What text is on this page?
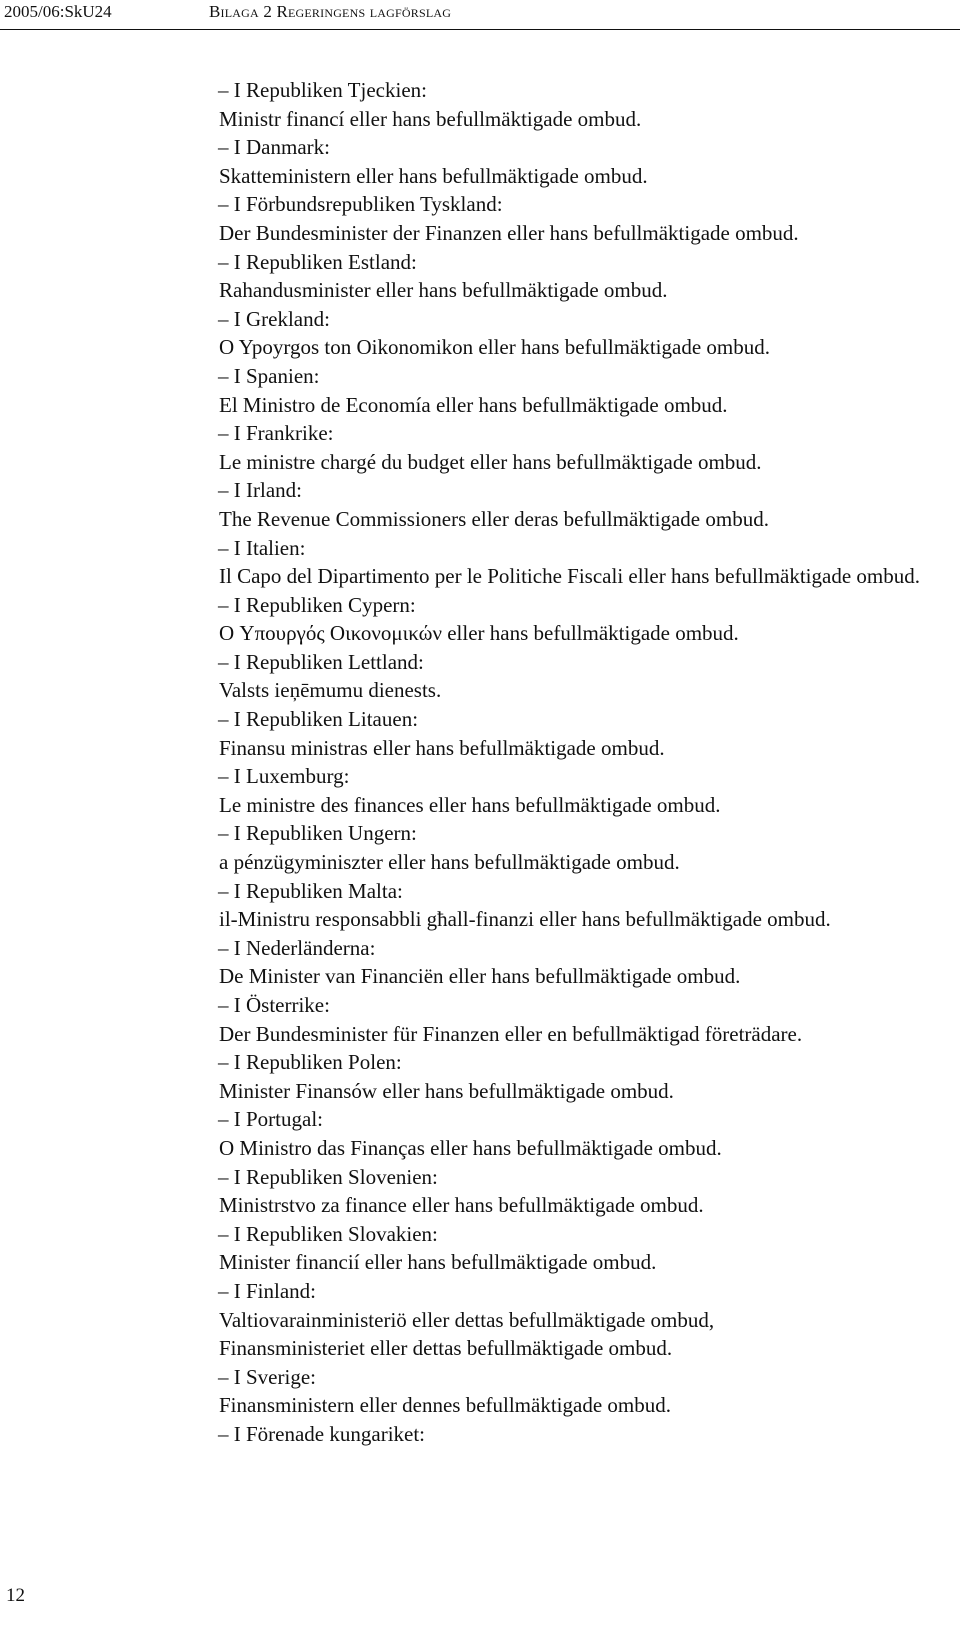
2005/06:SkU24	Bilaga 2 Regeringens lagförslag
– I Republiken Tjeckien:
Ministr financí eller hans befullmäktigade ombud.
– I Danmark:
Skatteministern eller hans befullmäktigade ombud.
– I Förbundsrepubliken Tyskland:
Der Bundesminister der Finanzen eller hans befullmäktigade ombud.
– I Republiken Estland:
Rahandusminister eller hans befullmäktigade ombud.
– I Grekland:
O Ypoyrgos ton Oikonomikon eller hans befullmäktigade ombud.
– I Spanien:
El Ministro de Economía eller hans befullmäktigade ombud.
– I Frankrike:
Le ministre chargé du budget eller hans befullmäktigade ombud.
– I Irland:
The Revenue Commissioners eller deras befullmäktigade ombud.
– I Italien:
Il Capo del Dipartimento per le Politiche Fiscali eller hans befullmäktigade ombud.
– I Republiken Cypern:
O Υπουργός Οικονομικών eller hans befullmäktigade ombud.
– I Republiken Lettland:
Valsts ieņēmumu dienests.
– I Republiken Litauen:
Finansu ministras eller hans befullmäktigade ombud.
– I Luxemburg:
Le ministre des finances eller hans befullmäktigade ombud.
– I Republiken Ungern:
a pénzügyminiszter eller hans befullmäktigade ombud.
– I Republiken Malta:
il-Ministru responsabbli għall-finanzi eller hans befullmäktigade ombud.
– I Nederländerna:
De Minister van Financiën eller hans befullmäktigade ombud.
– I Österrike:
Der Bundesminister für Finanzen eller en befullmäktigad företrädare.
– I Republiken Polen:
Minister Finansów eller hans befullmäktigade ombud.
– I Portugal:
O Ministro das Finanças eller hans befullmäktigade ombud.
– I Republiken Slovenien:
Ministrstvo za finance eller hans befullmäktigade ombud.
– I Republiken Slovakien:
Minister financií eller hans befullmäktigade ombud.
– I Finland:
Valtiovarainministeriö eller dettas befullmäktigade ombud,
Finansministeriet eller dettas befullmäktigade ombud.
– I Sverige:
Finansministern eller dennes befullmäktigade ombud.
– I Förenade kungariket:
12
